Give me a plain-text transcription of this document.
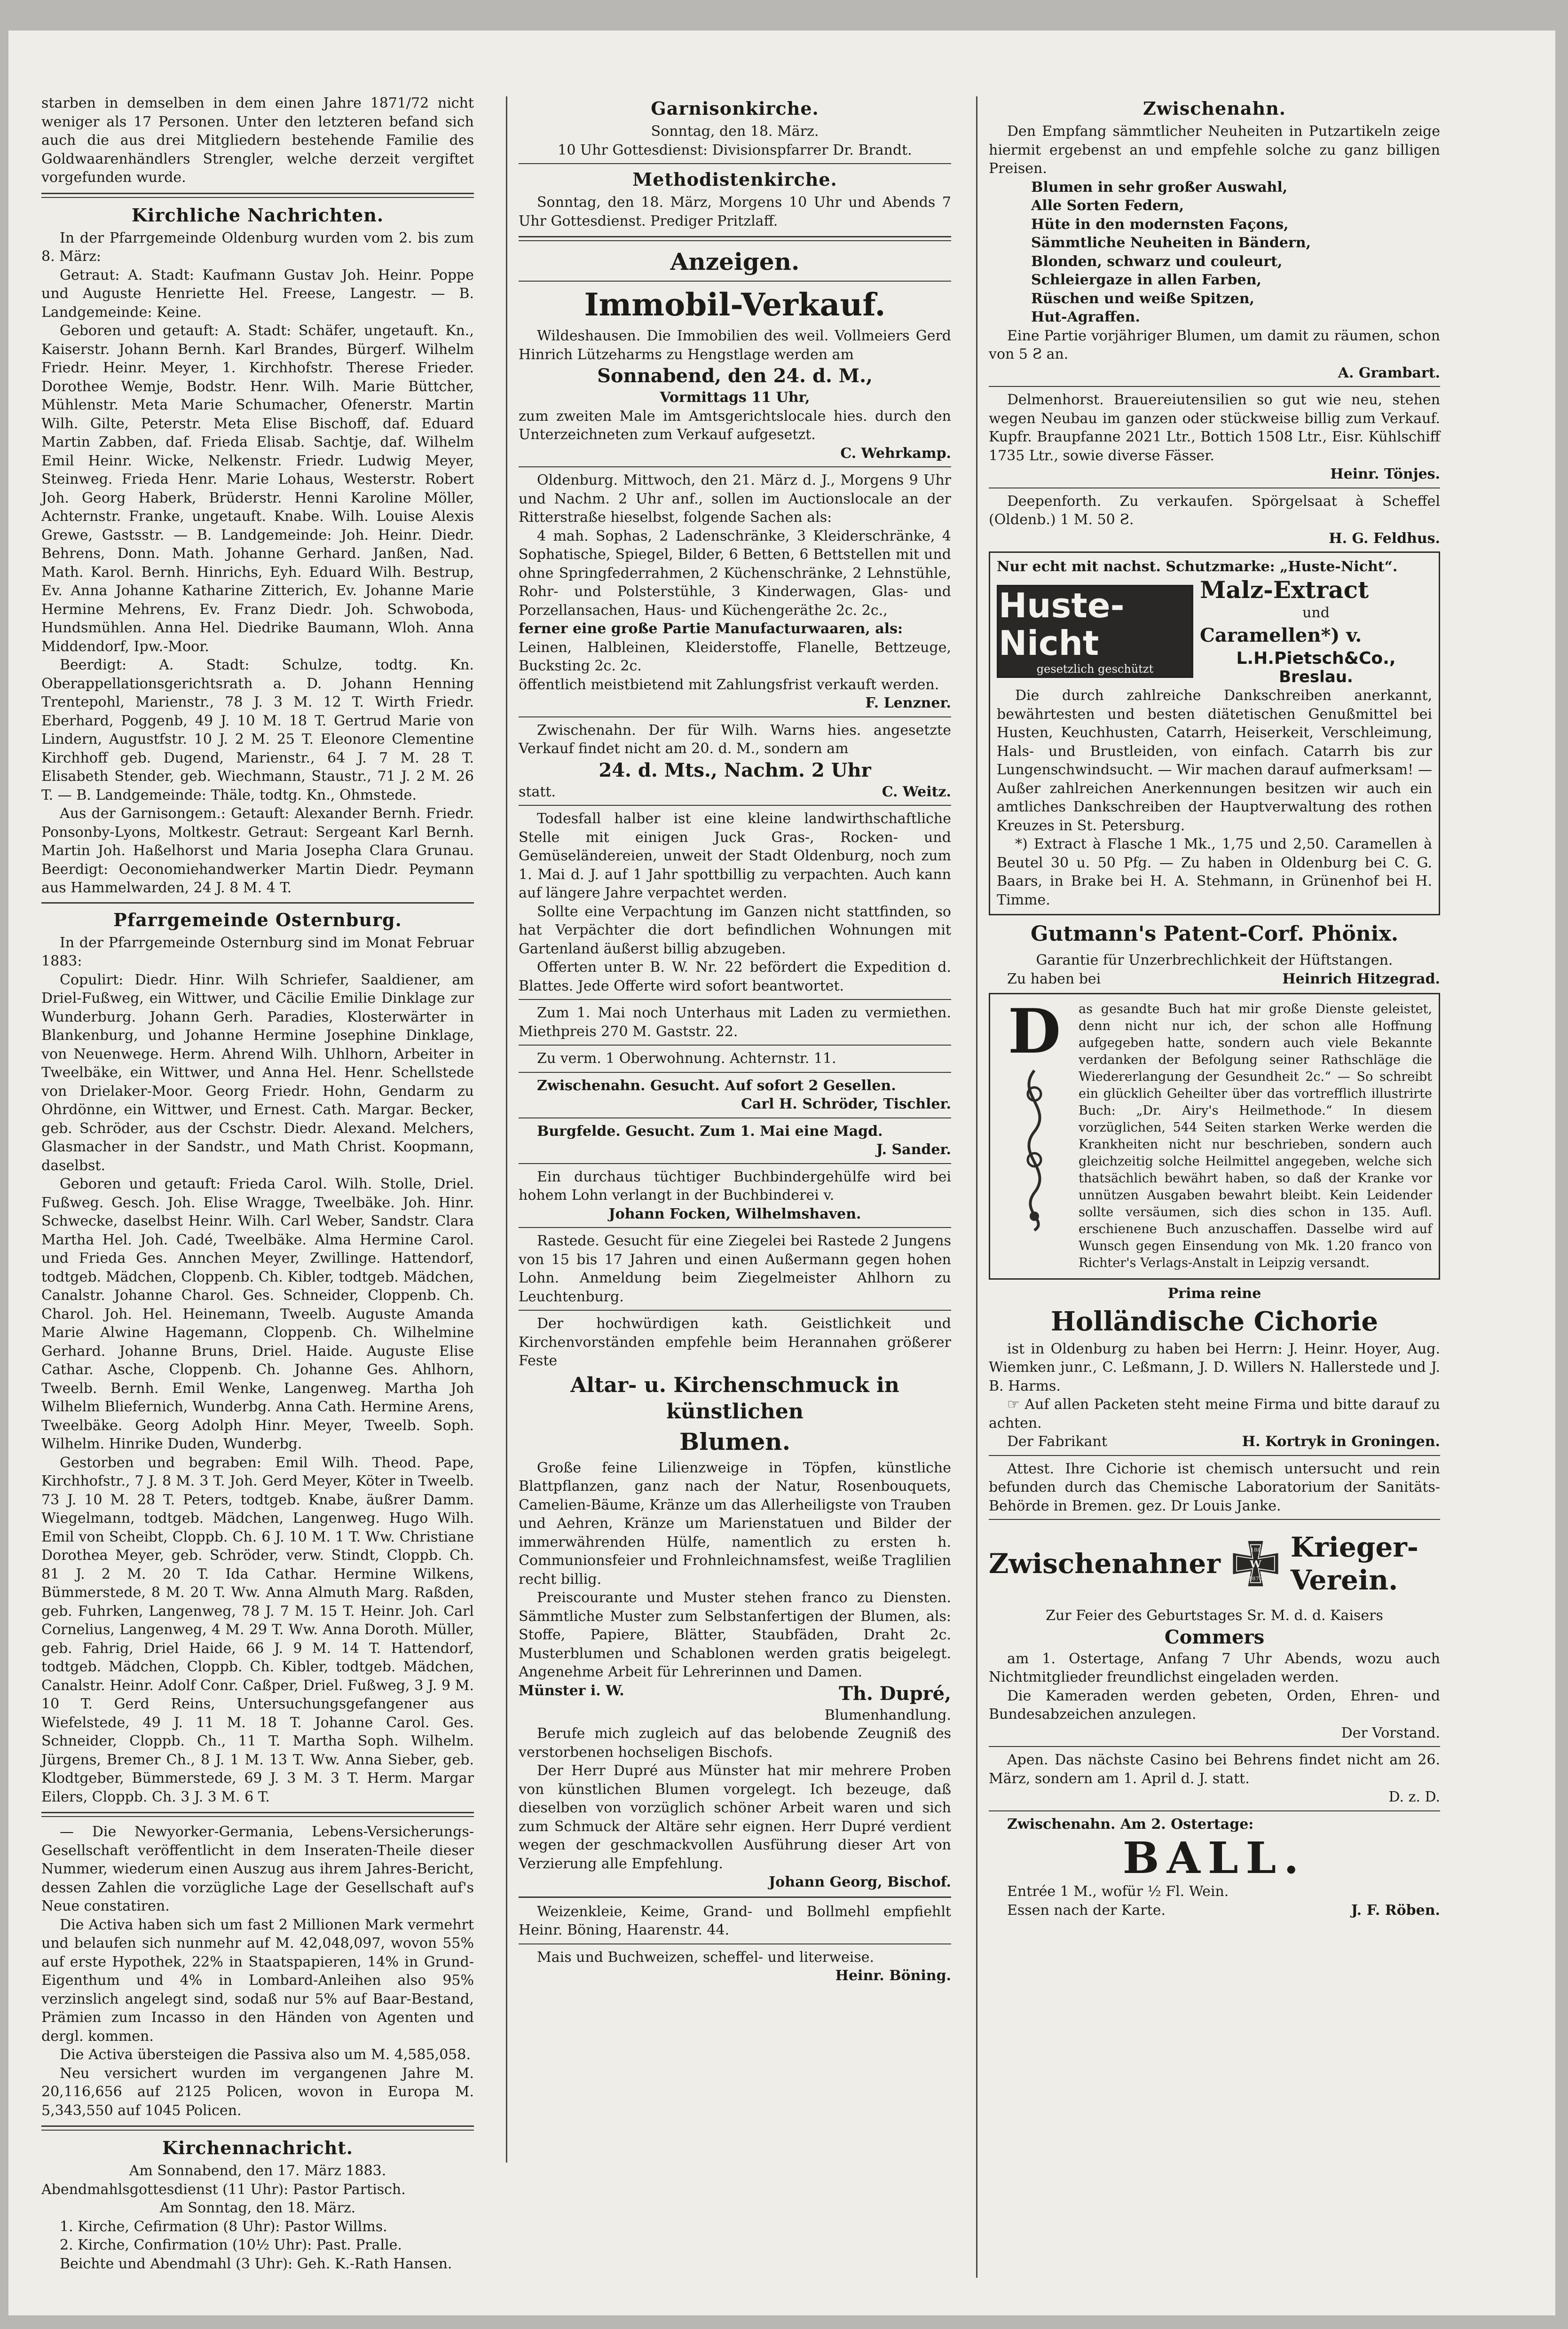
starben in demselben in dem einen Jahre 1871/72 nicht weniger als 17 Personen. Unter den letzteren befand sich auch die aus drei Mitgliedern bestehende Familie des Goldwaarenhändlers Strengler, welche derzeit vergiftet vorgefunden wurde.

Kirchliche Nachrichten.

In der Pfarrgemeinde Oldenburg wurden vom 2. bis zum 8. März:

Getraut: A. Stadt: Kaufmann Gustav Joh. Heinr. Poppe und Auguste Henriette Hel. Freese, Langestr. — B. Landgemeinde: Keine.

Geboren und getauft: A. Stadt: Schäfer, ungetauft. Kn., Kaiserstr. Johann Bernh. Karl Brandes, Bürgerf. Wilhelm Friedr. Heinr. Meyer, 1. Kirchhofstr. Therese Frieder. Dorothee Wemje, Bodstr. Henr. Wilh. Marie Büttcher, Mühlenstr. Meta Marie Schumacher, Ofenerstr. Martin Wilh. Gilte, Peterstr. Meta Elise Bischoff, daf. Eduard Martin Zabben, daf. Frieda Elisab. Sachtje, daf. Wilhelm Emil Heinr. Wicke, Nelkenstr. Friedr. Ludwig Meyer, Steinweg. Frieda Henr. Marie Lohaus, Westerstr. Robert Joh. Georg Haberk, Brüderstr. Henni Karoline Möller, Achternstr. Franke, ungetauft. Knabe. Wilh. Louise Alexis Grewe, Gastsstr. — B. Landgemeinde: Joh. Heinr. Diedr. Behrens, Donn. Math. Johanne Gerhard. Janßen, Nad. Math. Karol. Bernh. Hinrichs, Eyh. Eduard Wilh. Bestrup, Ev. Anna Johanne Katharine Zitterich, Ev. Johanne Marie Hermine Mehrens, Ev. Franz Diedr. Joh. Schwoboda, Hundsmühlen. Anna Hel. Diedrike Baumann, Wloh. Anna Middendorf, Ipw.-Moor.

Beerdigt: A. Stadt: Schulze, todtg. Kn. Oberappellationsgerichtsrath a. D. Johann Henning Trentepohl, Marienstr., 78 J. 3 M. 12 T. Wirth Friedr. Eberhard, Poggenb, 49 J. 10 M. 18 T. Gertrud Marie von Lindern, Augustfstr. 10 J. 2 M. 25 T. Eleonore Clementine Kirchhoff geb. Dugend, Marienstr., 64 J. 7 M. 28 T. Elisabeth Stender, geb. Wiechmann, Staustr., 71 J. 2 M. 26 T. — B. Landgemeinde: Thäle, todtg. Kn., Ohmstede.

Aus der Garnisongem.: Getauft: Alexander Bernh. Friedr. Ponsonby-Lyons, Moltkestr. Getraut: Sergeant Karl Bernh. Martin Joh. Haßelhorst und Maria Josepha Clara Grunau. Beerdigt: Oeconomiehandwerker Martin Diedr. Peymann aus Hammelwarden, 24 J. 8 M. 4 T.

Pfarrgemeinde Osternburg.

In der Pfarrgemeinde Osternburg sind im Monat Februar 1883:

Copulirt: Diedr. Hinr. Wilh Schriefer, Saaldiener, am Driel-Fußweg, ein Wittwer, und Cäcilie Emilie Dinklage zur Wunderburg. Johann Gerh. Paradies, Klosterwärter in Blankenburg, und Johanne Hermine Josephine Dinklage, von Neuenwege. Herm. Ahrend Wilh. Uhlhorn, Arbeiter in Tweelbäke, ein Wittwer, und Anna Hel. Henr. Schellstede von Drielaker-Moor. Georg Friedr. Hohn, Gendarm zu Ohrdönne, ein Wittwer, und Ernest. Cath. Margar. Becker, geb. Schröder, aus der Cschstr. Diedr. Alexand. Melchers, Glasmacher in der Sandstr., und Math Christ. Koopmann, daselbst.

Geboren und getauft: Frieda Carol. Wilh. Stolle, Driel. Fußweg. Gesch. Joh. Elise Wragge, Tweelbäke. Joh. Hinr. Schwecke, daselbst Heinr. Wilh. Carl Weber, Sandstr. Clara Martha Hel. Joh. Cadé, Tweelbäke. Alma Hermine Carol. und Frieda Ges. Annchen Meyer, Zwillinge. Hattendorf, todtgeb. Mädchen, Cloppenb. Ch. Kibler, todtgeb. Mädchen, Canalstr. Johanne Charol. Ges. Schneider, Cloppenb. Ch. Charol. Joh. Hel. Heinemann, Tweelb. Auguste Amanda Marie Alwine Hagemann, Cloppenb. Ch. Wilhelmine Gerhard. Johanne Bruns, Driel. Haide. Auguste Elise Cathar. Asche, Cloppenb. Ch. Johanne Ges. Ahlhorn, Tweelb. Bernh. Emil Wenke, Langenweg. Martha Joh Wilhelm Bliefernich, Wunderbg. Anna Cath. Hermine Arens, Tweelbäke. Georg Adolph Hinr. Meyer, Tweelb. Soph. Wilhelm. Hinrike Duden, Wunderbg.

Gestorben und begraben: Emil Wilh. Theod. Pape, Kirchhofstr., 7 J. 8 M. 3 T. Joh. Gerd Meyer, Köter in Tweelb. 73 J. 10 M. 28 T. Peters, todtgeb. Knabe, äußrer Damm. Wiegelmann, todtgeb. Mädchen, Langenweg. Hugo Wilh. Emil von Scheibt, Cloppb. Ch. 6 J. 10 M. 1 T. Ww. Christiane Dorothea Meyer, geb. Schröder, verw. Stindt, Cloppb. Ch. 81 J. 2 M. 20 T. Ida Cathar. Hermine Wilkens, Bümmerstede, 8 M. 20 T. Ww. Anna Almuth Marg. Raßden, geb. Fuhrken, Langenweg, 78 J. 7 M. 15 T. Heinr. Joh. Carl Cornelius, Langenweg, 4 M. 29 T. Ww. Anna Doroth. Müller, geb. Fahrig, Driel Haide, 66 J. 9 M. 14 T. Hattendorf, todtgeb. Mädchen, Cloppb. Ch. Kibler, todtgeb. Mädchen, Canalstr. Heinr. Adolf Conr. Caßper, Driel. Fußweg, 3 J. 9 M. 10 T. Gerd Reins, Untersuchungsgefangener aus Wiefelstede, 49 J. 11 M. 18 T. Johanne Carol. Ges. Schneider, Cloppb. Ch., 11 T. Martha Soph. Wilhelm. Jürgens, Bremer Ch., 8 J. 1 M. 13 T. Ww. Anna Sieber, geb. Klodtgeber, Bümmerstede, 69 J. 3 M. 3 T. Herm. Margar Eilers, Cloppb. Ch. 3 J. 3 M. 6 T.

— Die Newyorker-Germania, Lebens-Versicherungs-Gesellschaft veröffentlicht in dem Inseraten-Theile dieser Nummer, wiederum einen Auszug aus ihrem Jahres-Bericht, dessen Zahlen die vorzügliche Lage der Gesellschaft auf's Neue constatiren.

Die Activa haben sich um fast 2 Millionen Mark vermehrt und belaufen sich nunmehr auf M. 42,048,097, wovon 55% auf erste Hypothek, 22% in Staatspapieren, 14% in Grund-Eigenthum und 4% in Lombard-Anleihen also 95% verzinslich angelegt sind, sodaß nur 5% auf Baar-Bestand, Prämien zum Incasso in den Händen von Agenten und dergl. kommen.

Die Activa übersteigen die Passiva also um M. 4,585,058.

Neu versichert wurden im vergangenen Jahre M. 20,116,656 auf 2125 Policen, wovon in Europa M. 5,343,550 auf 1045 Policen.

Kirchennachricht.

Am Sonnabend, den 17. März 1883.

Abendmahlsgottesdienst (11 Uhr): Pastor Partisch.

Am Sonntag, den 18. März.

1. Kirche, Cefirmation (8 Uhr): Pastor Willms.

2. Kirche, Confirmation (10½ Uhr): Past. Pralle.

Beichte und Abendmahl (3 Uhr): Geh. K.-Rath Hansen.

Garnisonkirche.

Sonntag, den 18. März.

10 Uhr Gottesdienst: Divisionspfarrer Dr. Brandt.

Methodistenkirche.

Sonntag, den 18. März, Morgens 10 Uhr und Abends 7 Uhr Gottesdienst. Prediger Pritzlaff.

Anzeigen.
Immobil-Verkauf.

Wildeshausen. Die Immobilien des weil. Vollmeiers Gerd Hinrich Lützeharms zu Hengstlage werden am

Sonnabend, den 24. d. M.,

Vormittags 11 Uhr,

zum zweiten Male im Amtsgerichtslocale hies. durch den Unterzeichneten zum Verkauf aufgesetzt.

C. Wehrkamp.

Oldenburg. Mittwoch, den 21. März d. J., Morgens 9 Uhr und Nachm. 2 Uhr anf., sollen im Auctionslocale an der Ritterstraße hieselbst, folgende Sachen als:

4 mah. Sophas, 2 Ladenschränke, 3 Kleiderschränke, 4 Sophatische, Spiegel, Bilder, 6 Betten, 6 Bettstellen mit und ohne Springfederrahmen, 2 Küchenschränke, 2 Lehnstühle, Rohr- und Polsterstühle, 3 Kinderwagen, Glas- und Porzellansachen, Haus- und Küchengeräthe 2c. 2c.,

ferner eine große Partie Manufacturwaaren, als:

Leinen, Halbleinen, Kleiderstoffe, Flanelle, Bettzeuge, Bucksting 2c. 2c.

öffentlich meistbietend mit Zahlungsfrist verkauft werden.

F. Lenzner.

Zwischenahn. Der für Wilh. Warns hies. angesetzte Verkauf findet nicht am 20. d. M., sondern am

24. d. Mts., Nachm. 2 Uhr

statt.	C. Weitz.

Todesfall halber ist eine kleine landwirthschaftliche Stelle mit einigen Juck Gras-, Rocken- und Gemüseländereien, unweit der Stadt Oldenburg, noch zum 1. Mai d. J. auf 1 Jahr spottbillig zu verpachten. Auch kann auf längere Jahre verpachtet werden.

Sollte eine Verpachtung im Ganzen nicht stattfinden, so hat Verpächter die dort befindlichen Wohnungen mit Gartenland äußerst billig abzugeben.

Offerten unter B. W. Nr. 22 befördert die Expedition d. Blattes. Jede Offerte wird sofort beantwortet.

Zum 1. Mai noch Unterhaus mit Laden zu vermiethen. Miethpreis 270 M. Gaststr. 22.

Zu verm. 1 Oberwohnung. Achternstr. 11.

Zwischenahn. Gesucht. Auf sofort 2 Gesellen.

Carl H. Schröder, Tischler.

Burgfelde. Gesucht. Zum 1. Mai eine Magd.

J. Sander.

Ein durchaus tüchtiger Buchbindergehülfe wird bei hohem Lohn verlangt in der Buchbinderei v.

Johann Focken, Wilhelmshaven.

Rastede. Gesucht für eine Ziegelei bei Rastede 2 Jungens von 15 bis 17 Jahren und einen Außermann gegen hohen Lohn. Anmeldung beim Ziegelmeister Ahlhorn zu Leuchtenburg.

Der hochwürdigen kath. Geistlichkeit und Kirchenvorständen empfehle beim Herannahen größerer Feste

Altar- u. Kirchenschmuck in künstlichen
Blumen.

Große feine Lilienzweige in Töpfen, künstliche Blattpflanzen, ganz nach der Natur, Rosenbouquets, Camelien-Bäume, Kränze um das Allerheiligste von Trauben und Aehren, Kränze um Marienstatuen und Bilder der immerwährenden Hülfe, namentlich zu ersten h. Communionsfeier und Frohnleichnamsfest, weiße Traglilien recht billig.

Preiscourante und Muster stehen franco zu Diensten. Sämmtliche Muster zum Selbstanfertigen der Blumen, als: Stoffe, Papiere, Blätter, Staubfäden, Draht 2c. Musterblumen und Schablonen werden gratis beigelegt. Angenehme Arbeit für Lehrerinnen und Damen.

Münster i. W.	Th. Dupré,

Blumenhandlung.

Berufe mich zugleich auf das belobende Zeugniß des verstorbenen hochseligen Bischofs.

Der Herr Dupré aus Münster hat mir mehrere Proben von künstlichen Blumen vorgelegt. Ich bezeuge, daß dieselben von vorzüglich schöner Arbeit waren und sich zum Schmuck der Altäre sehr eignen. Herr Dupré verdient wegen der geschmackvollen Ausführung dieser Art von Verzierung alle Empfehlung.

Johann Georg, Bischof.

Weizenkleie, Keime, Grand- und Bollmehl empfiehlt Heinr. Böning, Haarenstr. 44.

Mais und Buchweizen, scheffel- und literweise.

Heinr. Böning.

Zwischenahn.

Den Empfang sämmtlicher Neuheiten in Putzartikeln zeige hiermit ergebenst an und empfehle solche zu ganz billigen Preisen.

Blumen in sehr großer Auswahl,

Alle Sorten Federn,

Hüte in den modernsten Façons,

Sämmtliche Neuheiten in Bändern,

Blonden, schwarz und couleurt,

Schleiergaze in allen Farben,

Rüschen und weiße Spitzen,

Hut-Agraffen.

Eine Partie vorjähriger Blumen, um damit zu räumen, schon von 5 Ƨ an.

A. Grambart.

Delmenhorst. Brauereiutensilien so gut wie neu, stehen wegen Neubau im ganzen oder stückweise billig zum Verkauf. Kupfr. Braupfanne 2021 Ltr., Bottich 1508 Ltr., Eisr. Kühlschiff 1735 Ltr., sowie diverse Fässer.

Heinr. Tönjes.

Deepenforth. Zu verkaufen. Spörgelsaat à Scheffel (Oldenb.) 1 M. 50 Ƨ.

H. G. Feldhus.

Nur echt mit nachst. Schutzmarke: „Huste-Nicht“.

Huste-Nicht
gesetzlich geschützt
Malz-Extract
und
Caramellen*) v.
L.H.Pietsch&Co.,
Breslau.

Die durch zahlreiche Dankschreiben anerkannt, bewährtesten und besten diätetischen Genußmittel bei Husten, Keuchhusten, Catarrh, Heiserkeit, Verschleimung, Hals- und Brustleiden, von einfach. Catarrh bis zur Lungenschwindsucht. — Wir machen darauf aufmerksam! — Außer zahlreichen Anerkennungen besitzen wir auch ein amtliches Dankschreiben der Hauptverwaltung des rothen Kreuzes in St. Petersburg.

*) Extract à Flasche 1 Mk., 1,75 und 2,50. Caramellen à Beutel 30 u. 50 Pfg. — Zu haben in Oldenburg bei C. G. Baars, in Brake bei H. A. Stehmann, in Grünenhof bei H. Timme.

Gutmann's Patent-Corf. Phönix.

Garantie für Unzerbrechlichkeit der Hüftstangen.

Zu haben bei	Heinrich Hitzegrad.
D as gesandte Buch hat mir große Dienste geleistet, denn nicht nur ich, der schon alle Hoffnung aufgegeben hatte, sondern auch viele Bekannte verdanken der Befolgung seiner Rathschläge die Wiedererlangung der Gesundheit 2c.“ — So schreibt ein glücklich Geheilter über das vortrefflich illustrirte Buch: „Dr. Airy's Heilmethode.“ In diesem vorzüglichen, 544 Seiten starken Werke werden die Krankheiten nicht nur beschrieben, sondern auch gleichzeitig solche Heilmittel angegeben, welche sich thatsächlich bewährt haben, so daß der Kranke vor unnützen Ausgaben bewahrt bleibt. Kein Leidender sollte versäumen, sich dies schon in 135. Aufl. erschienene Buch anzuschaffen. Dasselbe wird auf Wunsch gegen Einsendung von Mk. 1.20 franco von Richter's Verlags-Anstalt in Leipzig versandt.

Prima reine

Holländische Cichorie

ist in Oldenburg zu haben bei Herrn: J. Heinr. Hoyer, Aug. Wiemken junr., C. Leßmann, J. D. Willers N. Hallerstede und J. B. Harms.

☞ Auf allen Packeten steht meine Firma und bitte darauf zu achten.

Der Fabrikant	H. Kortryk in Groningen.

Attest. Ihre Cichorie ist chemisch untersucht und rein befunden durch das Chemische Laboratorium der Sanitäts-Behörde in Bremen. gez. Dr Louis Janke.

Zwischenahner	188
W
1870
Krieger-Verein.

Zur Feier des Geburtstages Sr. M. d. d. Kaisers

Commers

am 1. Ostertage, Anfang 7 Uhr Abends, wozu auch Nichtmitglieder freundlichst eingeladen werden.

Die Kameraden werden gebeten, Orden, Ehren- und Bundesabzeichen anzulegen.

Der Vorstand.

Apen. Das nächste Casino bei Behrens findet nicht am 26. März, sondern am 1. April d. J. statt.

D. z. D.

Zwischenahn. Am 2. Ostertage:

BALL.

Entrée 1 M., wofür ½ Fl. Wein.

Essen nach der Karte.	J. F. Röben.
